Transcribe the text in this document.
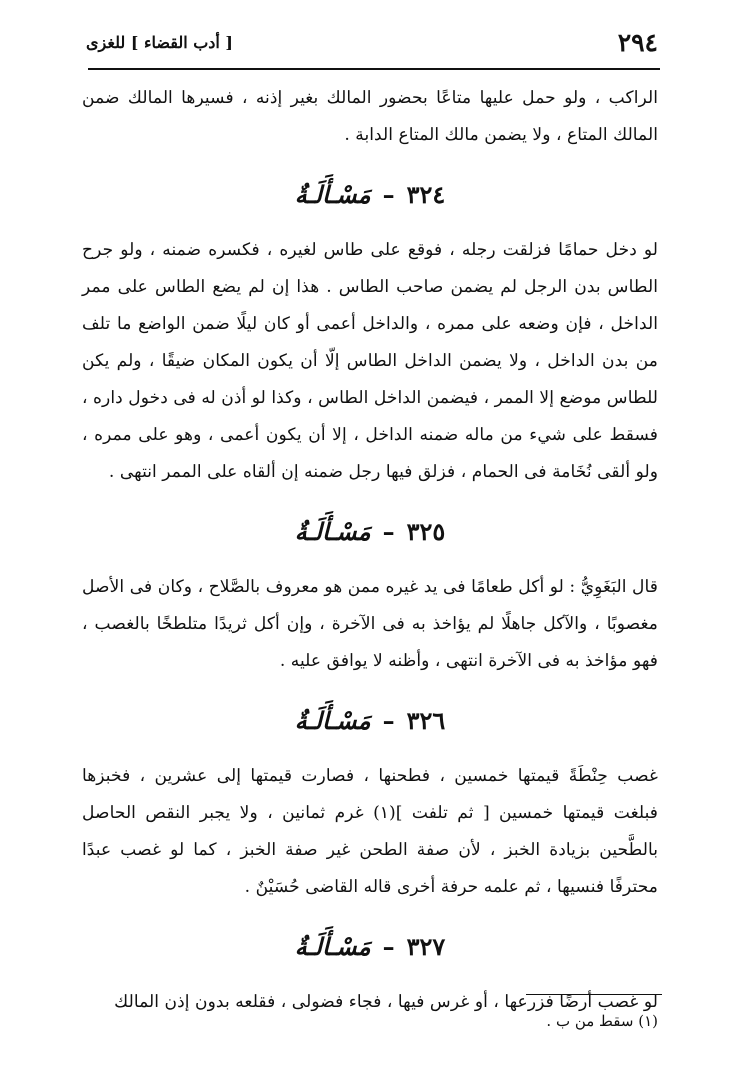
٢٩٤
[ أدب القضاء ] للغزى

الراكب ، ولو حمل عليها متاعًا بحضور المالك بغير إذنه ، فسيرها المالك ضمن المالك المتاع ، ولا يضمن مالك المتاع الدابة .

٣٢٤–مَسْـأَلَـةٌ

لو دخل حمامًا فزلقت رجله ، فوقع على طاس لغيره ، فكسره ضمنه ، ولو جرح الطاس بدن الرجل لم يضمن صاحب الطاس . هذا إن لم يضع الطاس على ممر الداخل ، فإن وضعه على ممره ، والداخل أعمى أو كان ليلًا ضمن الواضع ما تلف من بدن الداخل ، ولا يضمن الداخل الطاس إلّا أن يكون المكان ضيقًا ، ولم يكن للطاس موضع إلا الممر ، فيضمن الداخل الطاس ، وكذا لو أذن له فى دخول داره ، فسقط على شيء من ماله ضمنه الداخل ، إلا أن يكون أعمى ، وهو على ممره ، ولو ألقى نُخَامة فى الحمام ، فزلق فيها رجل ضمنه إن ألقاه على الممر انتهى .

٣٢٥–مَسْـأَلَـةٌ

قال البَغَوِيُّ : لو أكل طعامًا فى يد غيره ممن هو معروف بالصَّلاح ، وكان فى الأصل مغصوبًا ، والآكل جاهلًا لم يؤاخذ به فى الآخرة ، وإن أكل ثريدًا متلطخًا بالغصب ، فهو مؤاخذ به فى الآخرة انتهى ، وأظنه لا يوافق عليه .

٣٢٦–مَسْـأَلَـةٌ

غصب حِنْطَةً قيمتها خمسين ، فطحنها ، فصارت قيمتها إلى عشرين ، فخبزها فبلغت قيمتها خمسين [ ثم تلفت ](١) غرم ثمانين ، ولا يجبر النقص الحاصل بالطَّحين بزيادة الخبز ، لأن صفة الطحن غير صفة الخبز ، كما لو غصب عبدًا محترفًا فنسيها ، ثم علمه حرفة أخرى قاله القاضى حُسَيْنٌ .

٣٢٧–مَسْـأَلَـةٌ

لو غصب أرضًا فزرعها ، أو غرس فيها ، فجاء فضولى ، فقلعه بدون إذن المالك

(١) سقط من ب .
